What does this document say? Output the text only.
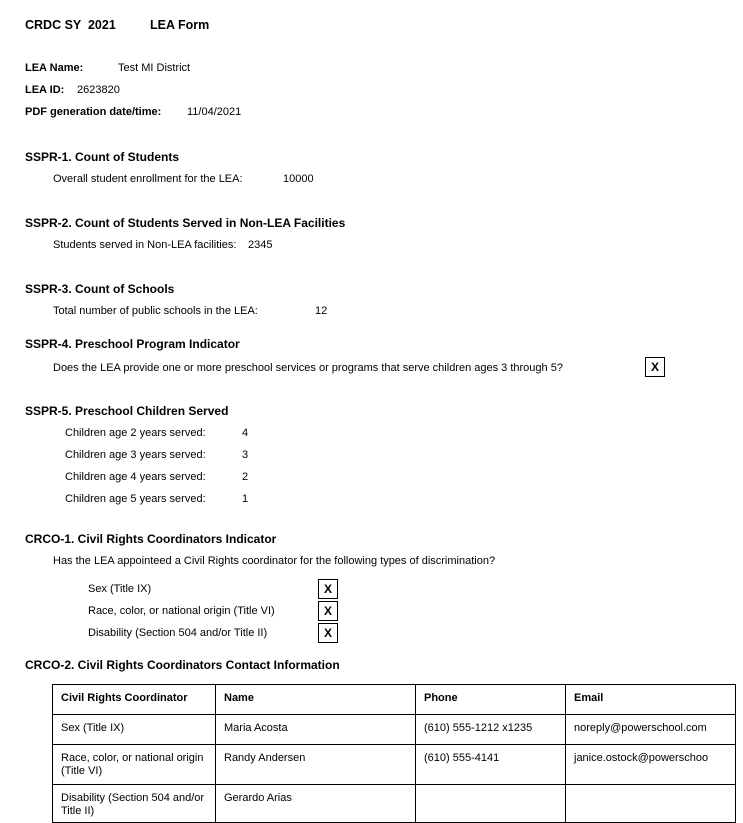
CRDC SY  2021	LEA Form
LEA Name:	Test MI District
LEA ID: 2623820
PDF generation date/time: 11/04/2021
SSPR-1. Count of Students
Overall student enrollment for the LEA:	10000
SSPR-2. Count of Students Served in Non-LEA Facilities
Students served in Non-LEA facilities: 2345
SSPR-3. Count of Schools
Total number of public schools in the LEA:	12
SSPR-4. Preschool Program Indicator
Does the LEA provide one or more preschool services or programs that serve children ages 3 through 5?	X
SSPR-5. Preschool Children Served
Children age 2 years served:	4
Children age 3 years served:	3
Children age 4 years served:	2
Children age 5 years served:	1
CRCO-1. Civil Rights Coordinators Indicator
Has the LEA appointeed a Civil Rights coordinator for the following types of discrimination?
Sex (Title IX)	X
Race, color, or national origin (Title VI)	X
Disability (Section 504 and/or Title II)	X
CRCO-2. Civil Rights Coordinators Contact Information
Civil Rights Coordinator	Name	Phone	Email
Sex (Title IX)	Maria Acosta	(610) 555-1212 x1235	noreply@powerschool.com
Race, color, or national origin (Title VI)	Randy Andersen	(610) 555-4141	janice.ostock@powerschoo
Disability (Section 504 and/or Title II)	Gerardo Arias		
